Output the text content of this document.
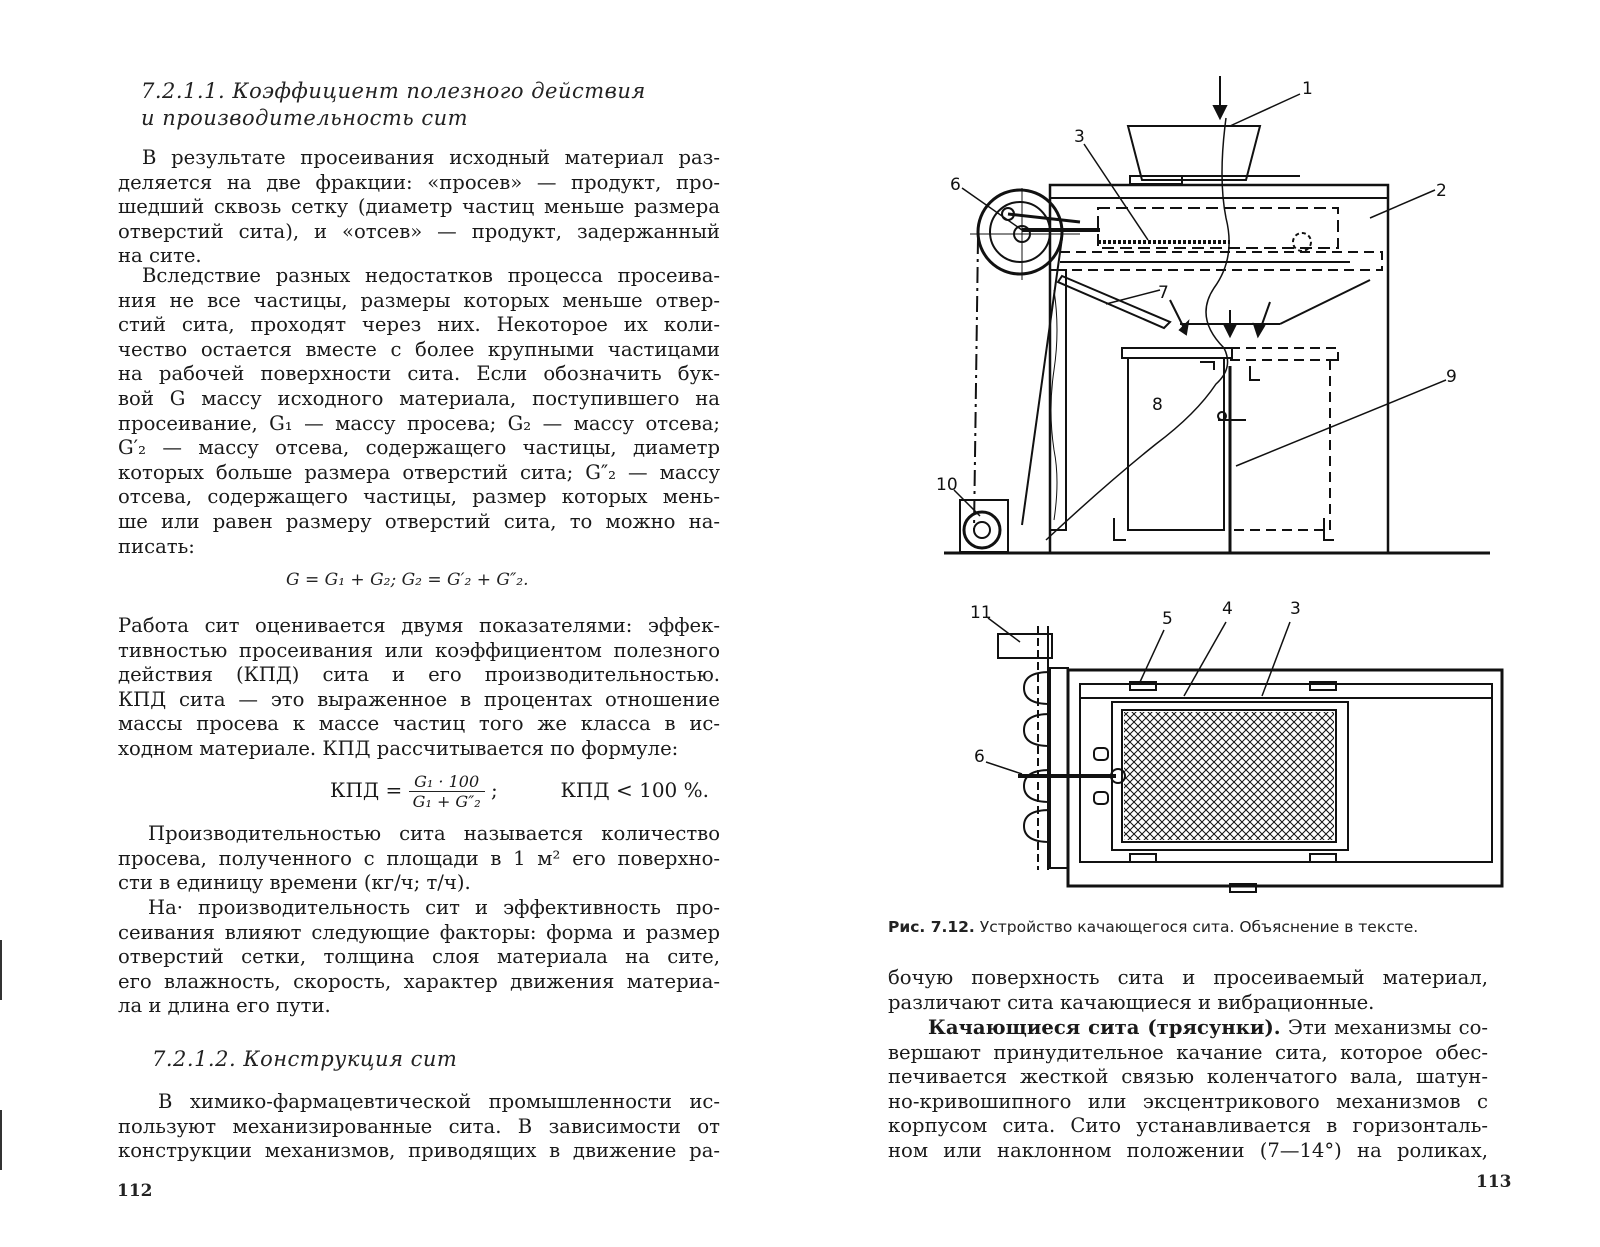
7.2.1.1. Коэффициент полезного действия
и производительность сит
В результате просеивания исходный материал раз-
деляется на две фракции: «просев» — продукт, про-
шедший сквозь сетку (диаметр частиц меньше размера
отверстий сита), и «отсев» — продукт, задержанный
на сите.
Вследствие разных недостатков процесса просеива-
ния не все частицы, размеры которых меньше отвер-
стий сита, проходят через них. Некоторое их коли-
чество остается вместе с более крупными частицами
на рабочей поверхности сита. Если обозначить бук-
вой G массу исходного материала, поступившего на
просеивание, G₁ — массу просева; G₂ — массу отсева;
G′₂ — массу отсева, содержащего частицы, диаметр
которых больше размера отверстий сита; G″₂ — массу
отсева, содержащего частицы, размер которых мень-
ше или равен размеру отверстий сита, то можно на-
писать:
G = G₁ + G₂; G₂ = G′₂ + G″₂.
Работа сит оценивается двумя показателями: эффек-
тивностью просеивания или коэффициентом полезного
действия (КПД) сита и его производительностью.
КПД сита — это выраженное в процентах отношение
массы просева к массе частиц того же класса в ис-
ходном материале. КПД рассчитывается по формуле:
КПД = $\frac{\text{G₁ · 100}}{\text{G₁ + G″₂}}$ ;	КПД < 100 %.
Производительностью сита называется количество
просева, полученного с площади в 1 м² его поверхно-
сти в единицу времени (кг/ч; т/ч).
На· производительность сит и эффективность про-
сеивания влияют следующие факторы: форма и размер
отверстий сетки, толщина слоя материала на сите,
его влажность, скорость, характер движения материа-
ла и длина его пути.
7.2.1.2. Конструкция сит
В химико-фармацевтической промышленности ис-
пользуют механизированные сита. В зависимости от
конструкции механизмов, приводящих в движение ра-
112
1
2
3
6
7
8
9
10
11	5	4	3
6
Рис. 7.12. Устройство качающегося сита. Объяснение в тексте.
бочую поверхность сита и просеиваемый материал,
различают сита качающиеся и вибрационные.
Качающиеся сита (трясунки). Эти механизмы со-
вершают принудительное качание сита, которое обес-
печивается жесткой связью коленчатого вала, шатун-
но-кривошипного или эксцентрикового механизмов с
корпусом сита. Сито устанавливается в горизонталь-
ном или наклонном положении (7—14°) на роликах,
113
